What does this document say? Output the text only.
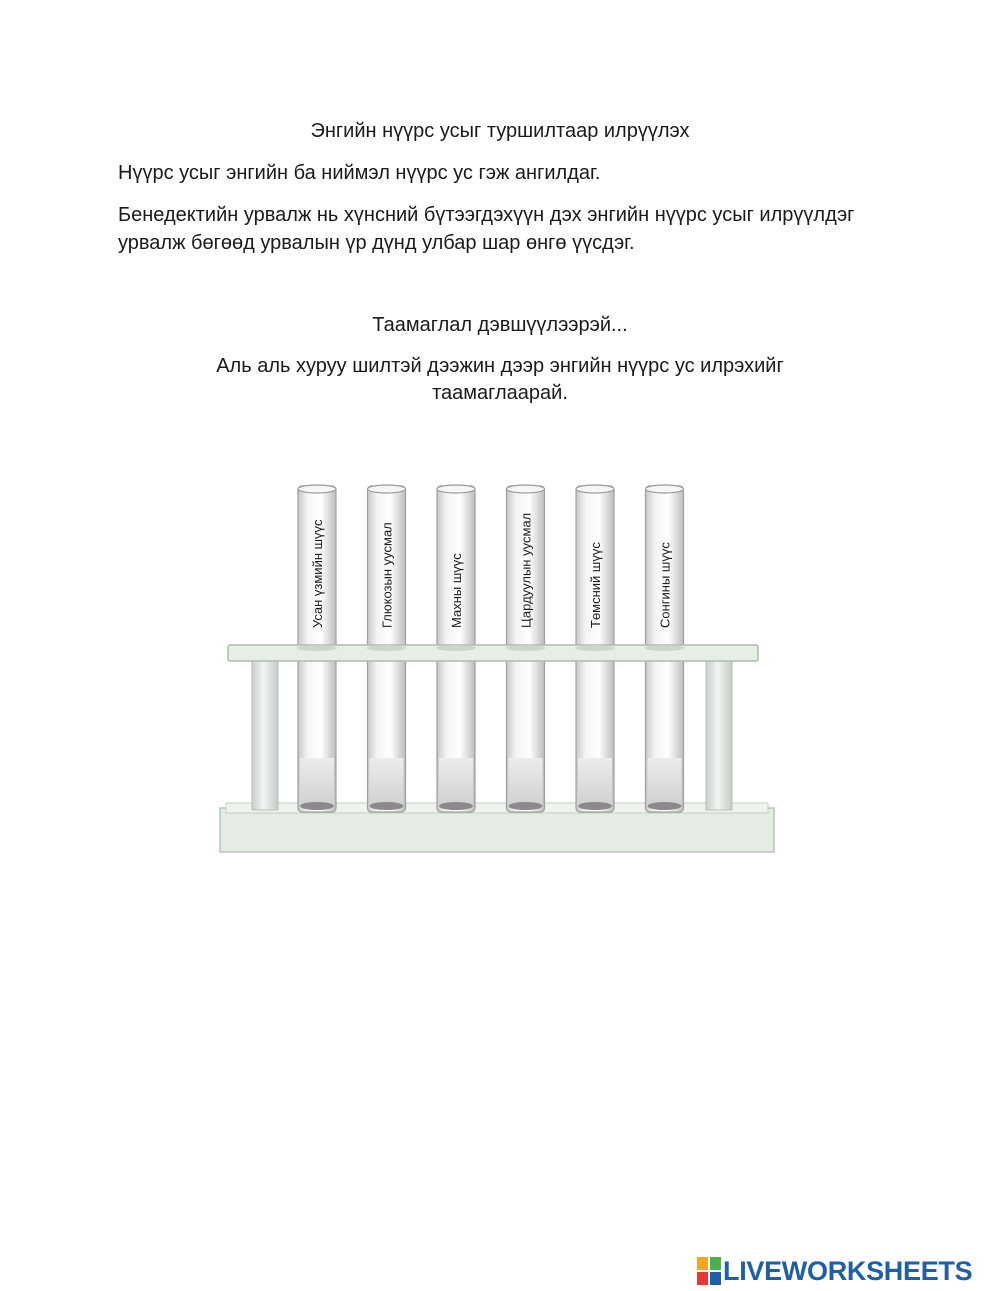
Энгийн нүүрс усыг туршилтаар илрүүлэх
Нүүрс усыг энгийн ба ниймэл нүүрс ус гэж ангилдаг.
Бенедектийн урвалж нь хүнсний бүтээгдэхүүн дэх энгийн нүүрс усыг илрүүлдэг урвалж бөгөөд урвалын үр дүнд улбар шар өнгө үүсдэг.
Таамаглал дэвшүүлээрэй...
Аль аль хуруу шилтэй дээжин дээр энгийн нүүрс ус илрэхийг таамаглаарай.
Усан үзмийн шүүс	Глюкозын уусмал	Махны шүүс	Цардуулын уусмал	Төмсний шүүс	Сонгины шүүс
LIVEWORKSHEETS
